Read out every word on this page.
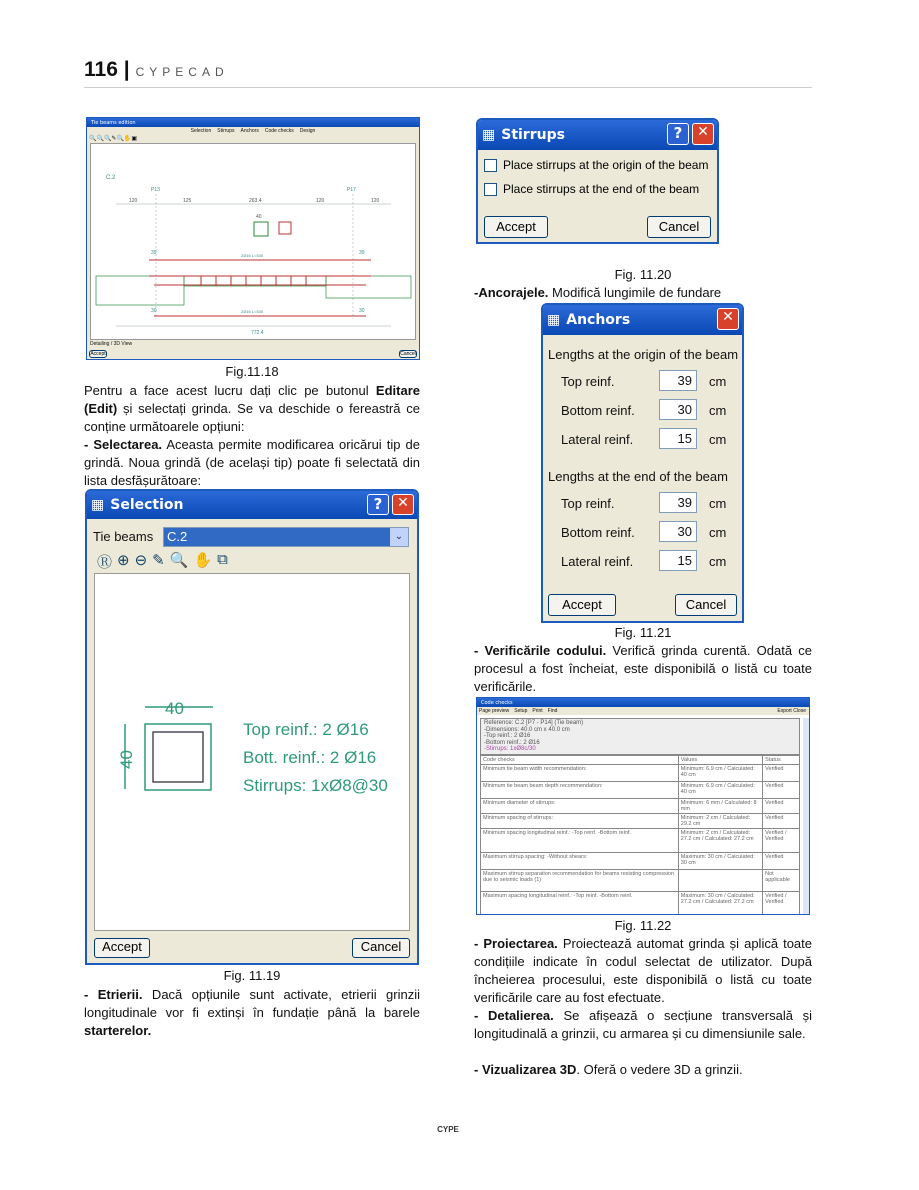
116 | CYPECAD
Tie beams edition
Selection Stirrups Anchors Code checks Design
🔍🔍🔍✎🔍✋▣
C.2
120	125	263.4	120	120
40
39	39
30	30
772.4
2Ø16 L=530
2Ø16 L=530
P13	P17
Detailing / 3D View
Accept	Cancel
Fig.11.18
Pentru a face acest lucru dați clic pe butonul Editare (Edit) și selectați grinda. Se va deschide o fereastră ce conține următoarele opțiuni:
- Selectarea. Aceasta permite modificarea oricărui tip de grindă. Noua grindă (de același tip) poate fi selectată din lista desfășurătoare:
▦ Selection	?	✕
Tie beams	C.2	⌄
Ⓡ ⊕ ⊖ ✎ 🔍 ✋ ⧉
40
40
Top reinf.: 2 Ø16
Bott. reinf.: 2 Ø16
Stirrups: 1xØ8@30
Accept	Cancel
Fig. 11.19
- Etrierii. Dacă opțiunile sunt activate, etrierii grinzii longitudinale vor fi extinși în fundație până la barele starterelor.
▦ Stirrups	?	✕
Place stirrups at the origin of the beam
Place stirrups at the end of the beam
Accept	Cancel
Fig. 11.20
-Ancorajele. Modifică lungimile de fundare
▦ Anchors	✕
Lengths at the origin of the beam
Top reinf.	39	cm
Bottom reinf.	30	cm
Lateral reinf.	15	cm
Lengths at the end of the beam
Top reinf.	39	cm
Bottom reinf.	30	cm
Lateral reinf.	15	cm
Accept	Cancel
Fig. 11.21
- Verificările codului. Verifică grinda curentă. Odată ce procesul a fost încheiat, este disponibilă o listă cu toate verificările.
Code checks
Page preview Setup Print Find	Export Close
Reference: C.2 [P7 - P14] (Tie beam)
-Dimensions: 40.0 cm x 40.0 cm
-Top reinf.: 2 Ø16
-Bottom reinf.: 2 Ø16
-Stirrups: 1xØ8c/30
Code checks	Values	Status
Minimum tie beam width recommendation:	Minimum: 6.9 cm / Calculated: 40 cm	Verified
Minimum tie beam beam depth recommendation:	Minimum: 6.9 cm / Calculated: 40 cm	Verified
Minimum diameter of stirrups:	Minimum: 6 mm / Calculated: 8 mm	Verified
Minimum spacing of stirrups:	Minimum: 2 cm / Calculated: 29.2 cm	Verified
Minimum spacing longitudinal reinf.: -Top reinf. -Bottom reinf.	Minimum: 2 cm / Calculated: 27.2 cm / Calculated: 27.2 cm	Verified / Verified
Maximum stirrup spacing: -Without shears:	Maximum: 30 cm / Calculated: 30 cm	Verified
Maximum stirrup separation recommendation for beams resisting compression due to seismic loads (1)		Not applicable
Maximum spacing longitudinal reinf.: -Top reinf. -Bottom reinf.	Maximum: 30 cm / Calculated: 27.2 cm / Calculated: 27.2 cm	Verified / Verified
Fig. 11.22
- Proiectarea. Proiectează automat grinda și aplică toate condițiile indicate în codul selectat de utilizator. După încheierea procesului, este disponibilă o listă cu toate verificările care au fost efectuate.
- Detalierea. Se afișează o secțiune transversală și longitudinală a grinzii, cu armarea și cu dimensiunile sale.
- Vizualizarea 3D. Oferă o vedere 3D a grinzii.
CYPE
